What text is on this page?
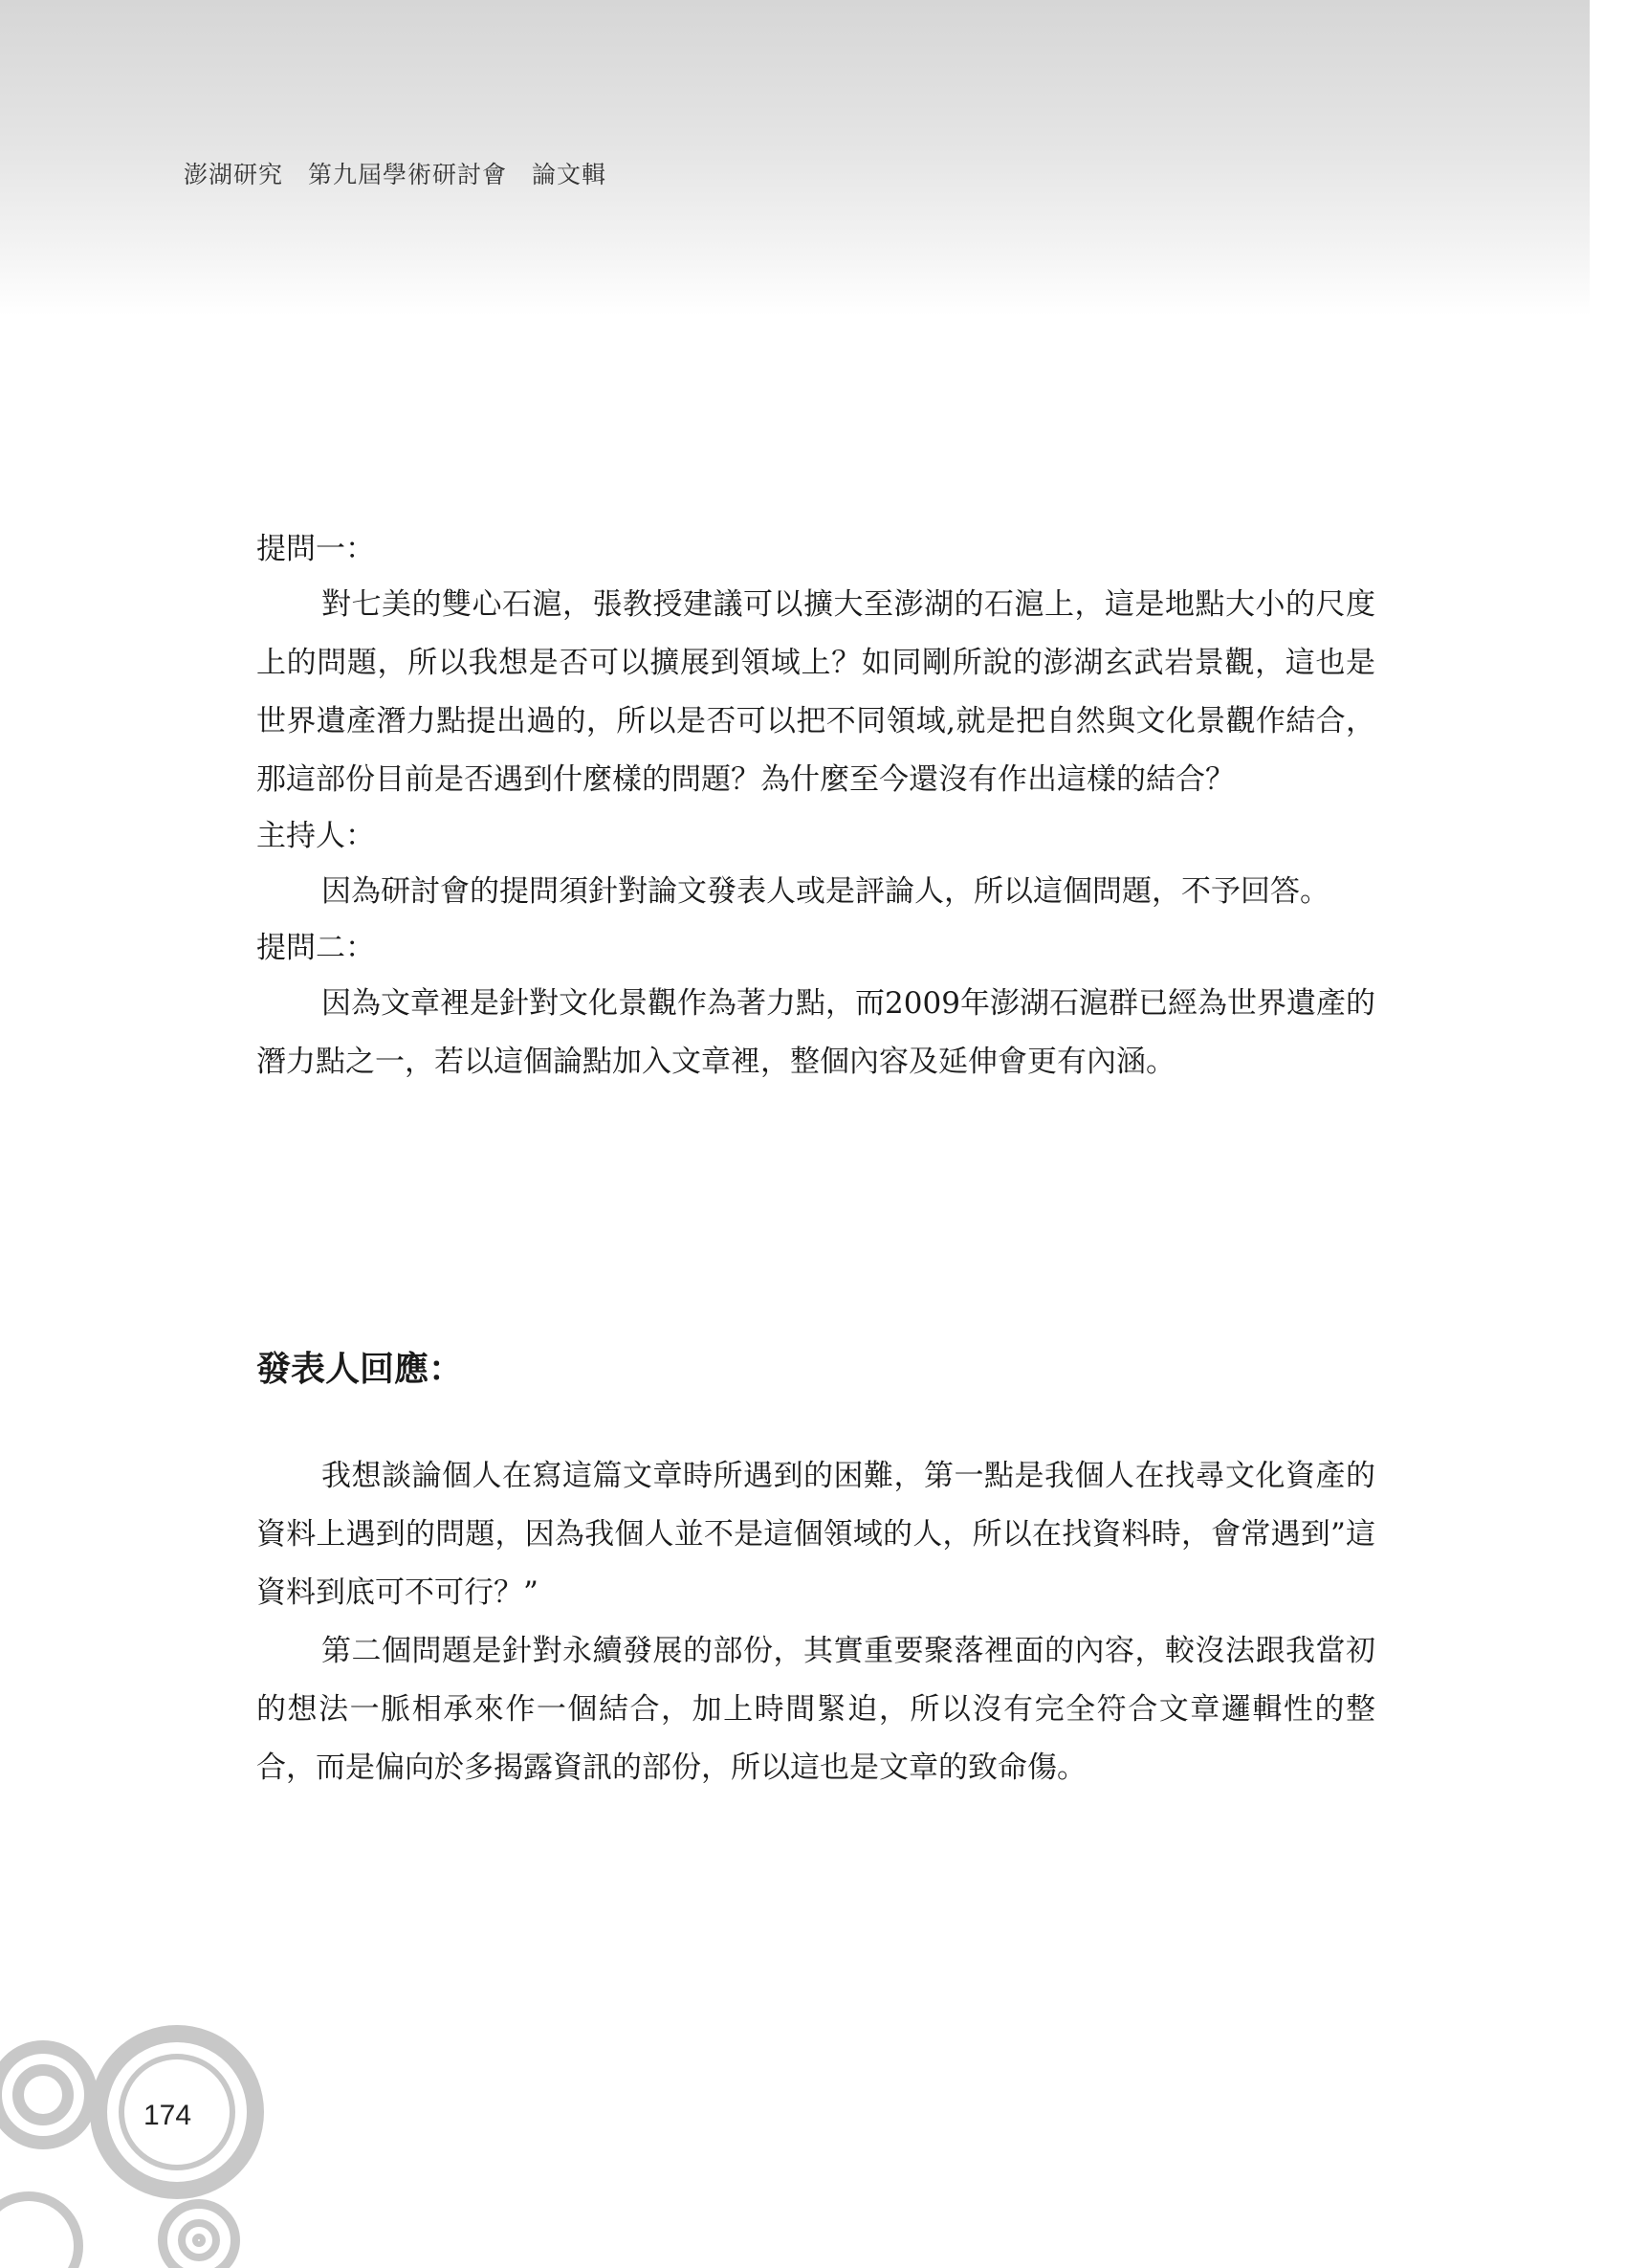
澎湖研究　第九屆學術研討會　論文輯

提問一：

對七美的雙心石滬，張教授建議可以擴大至澎湖的石滬上，這是地點大小的尺度上的問題，所以我想是否可以擴展到領域上？如同剛所說的澎湖玄武岩景觀，這也是世界遺產潛力點提出過的，所以是否可以把不同領域,就是把自然與文化景觀作結合，那這部份目前是否遇到什麼樣的問題？為什麼至今還沒有作出這樣的結合？

主持人：

因為研討會的提問須針對論文發表人或是評論人，所以這個問題，不予回答。

提問二：

因為文章裡是針對文化景觀作為著力點，而2009年澎湖石滬群已經為世界遺產的潛力點之一，若以這個論點加入文章裡，整個內容及延伸會更有內涵。

發表人回應：

我想談論個人在寫這篇文章時所遇到的困難，第一點是我個人在找尋文化資產的資料上遇到的問題，因為我個人並不是這個領域的人，所以在找資料時，會常遇到”這資料到底可不可行？”

第二個問題是針對永續發展的部份，其實重要聚落裡面的內容，較沒法跟我當初的想法一脈相承來作一個結合，加上時間緊迫，所以沒有完全符合文章邏輯性的整合，而是偏向於多揭露資訊的部份，所以這也是文章的致命傷。

174
